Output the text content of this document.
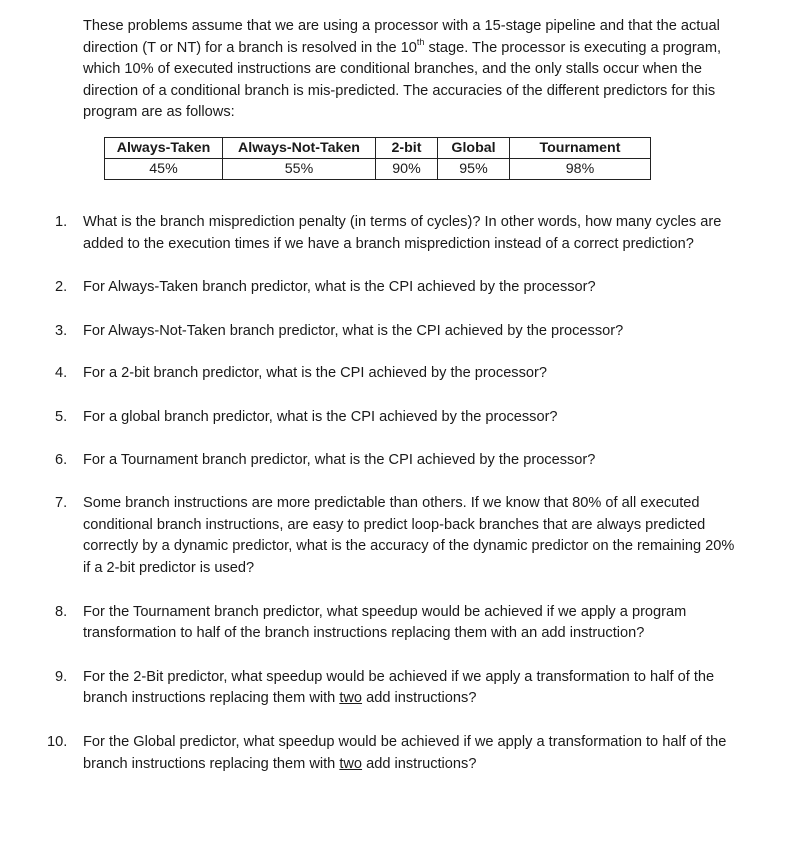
These problems assume that we are using a processor with a 15-stage pipeline and that the actual direction (T or NT) for a branch is resolved in the 10th stage. The processor is executing a program, which 10% of executed instructions are conditional branches, and the only stalls occur when the direction of a conditional branch is mis-predicted. The accuracies of the different predictors for this program are as follows:

Always-Taken	Always-Not-Taken	2-bit	Global	Tournament
45%	55%	90%	95%	98%
1. What is the branch misprediction penalty (in terms of cycles)? In other words, how many cycles are added to the execution times if we have a branch misprediction instead of a correct prediction?
2. For Always-Taken branch predictor, what is the CPI achieved by the processor?
3. For Always-Not-Taken branch predictor, what is the CPI achieved by the processor?
4. For a 2-bit branch predictor, what is the CPI achieved by the processor?
5. For a global branch predictor, what is the CPI achieved by the processor?
6. For a Tournament branch predictor, what is the CPI achieved by the processor?
7. Some branch instructions are more predictable than others. If we know that 80% of all executed conditional branch instructions, are easy to predict loop-back branches that are always predicted correctly by a dynamic predictor, what is the accuracy of the dynamic predictor on the remaining 20% if a 2-bit predictor is used?
8. For the Tournament branch predictor, what speedup would be achieved if we apply a program transformation to half of the branch instructions replacing them with an add instruction?
9. For the 2-Bit predictor, what speedup would be achieved if we apply a transformation to half of the branch instructions replacing them with two add instructions?
10. For the Global predictor, what speedup would be achieved if we apply a transformation to half of the branch instructions replacing them with two add instructions?
